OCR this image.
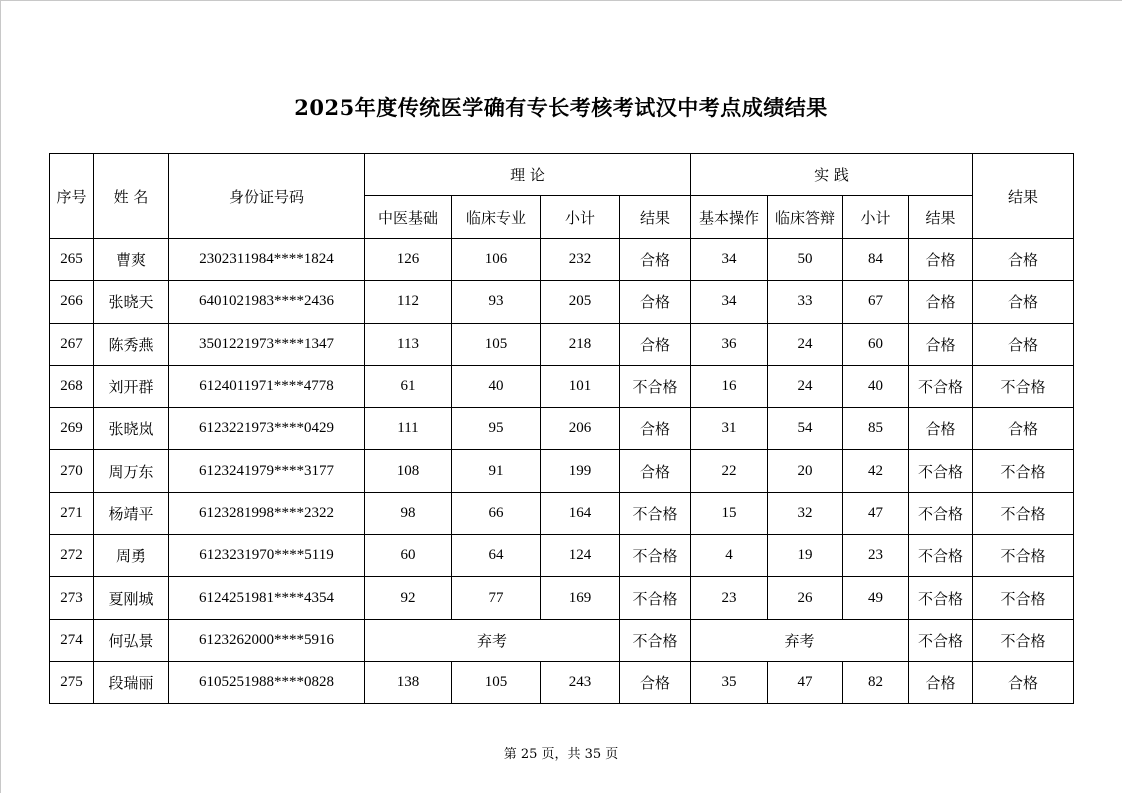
2025年度传统医学确有专长考核考试汉中考点成绩结果
序号	姓 名	身份证号码	理 论				实 践				结果
			中医基础	临床专业	小计	结果	基本操作	临床答辩	小计	结果	
265	曹爽	2302311984****1824	126	106	232	合格	34	50	84	合格	合格
266	张晓天	6401021983****2436	112	93	205	合格	34	33	67	合格	合格
267	陈秀燕	3501221973****1347	113	105	218	合格	36	24	60	合格	合格
268	刘开群	6124011971****4778	61	40	101	不合格	16	24	40	不合格	不合格
269	张晓岚	6123221973****0429	111	95	206	合格	31	54	85	合格	合格
270	周万东	6123241979****3177	108	91	199	合格	22	20	42	不合格	不合格
271	杨靖平	6123281998****2322	98	66	164	不合格	15	32	47	不合格	不合格
272	周勇	6123231970****5119	60	64	124	不合格	4	19	23	不合格	不合格
273	夏刚城	6124251981****4354	92	77	169	不合格	23	26	49	不合格	不合格
274	何弘景	6123262000****5916	弃考			不合格	弃考			不合格	不合格
275	段瑞丽	6105251988****0828	138	105	243	合格	35	47	82	合格	合格
第 25 页，共 35 页
